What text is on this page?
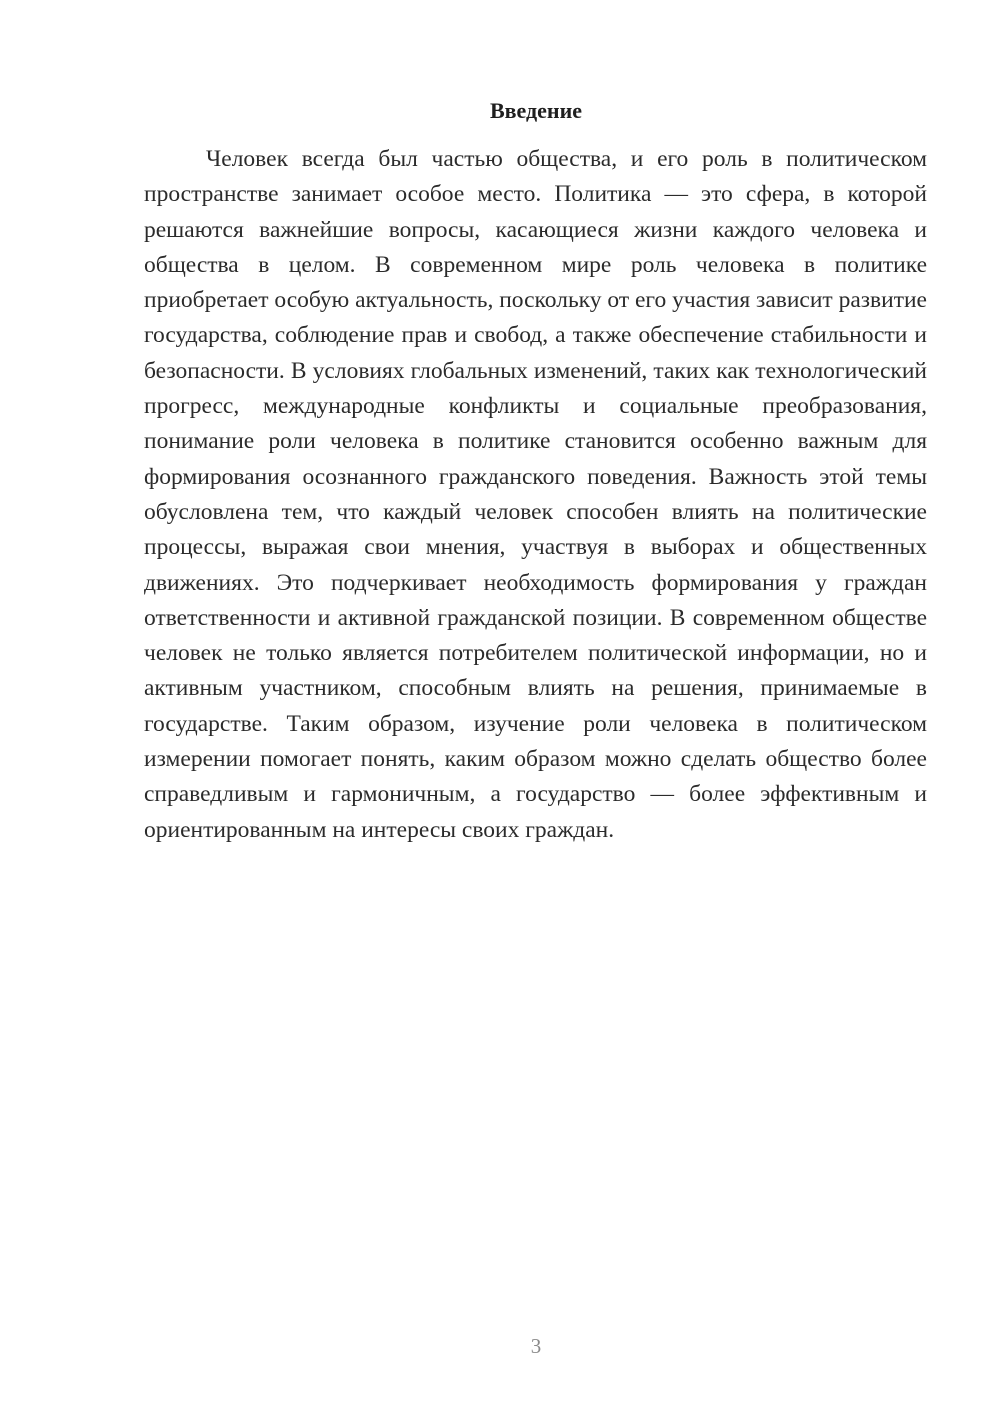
Введение

Человек всегда был частью общества, и его роль в политическом пространстве занимает особое место. Политика — это сфера, в которой решаются важнейшие вопросы, касающиеся жизни каждого человека и общества в целом. В современном мире роль человека в политике приобретает особую актуальность, поскольку от его участия зависит развитие государства, соблюдение прав и свобод, а также обеспечение стабильности и безопасности. В условиях глобальных изменений, таких как технологический прогресс, международные конфликты и социальные преобразования, понимание роли человека в политике становится особенно важным для формирования осознанного гражданского поведения. Важность этой темы обусловлена тем, что каждый человек способен влиять на политические процессы, выражая свои мнения, участвуя в выборах и общественных движениях. Это подчеркивает необходимость формирования у граждан ответственности и активной гражданской позиции. В современном обществе человек не только является потребителем политической информации, но и активным участником, способным влиять на решения, принимаемые в государстве. Таким образом, изучение роли человека в политическом измерении помогает понять, каким образом можно сделать общество более справедливым и гармоничным, а государство — более эффективным и ориентированным на интересы своих граждан.

3
